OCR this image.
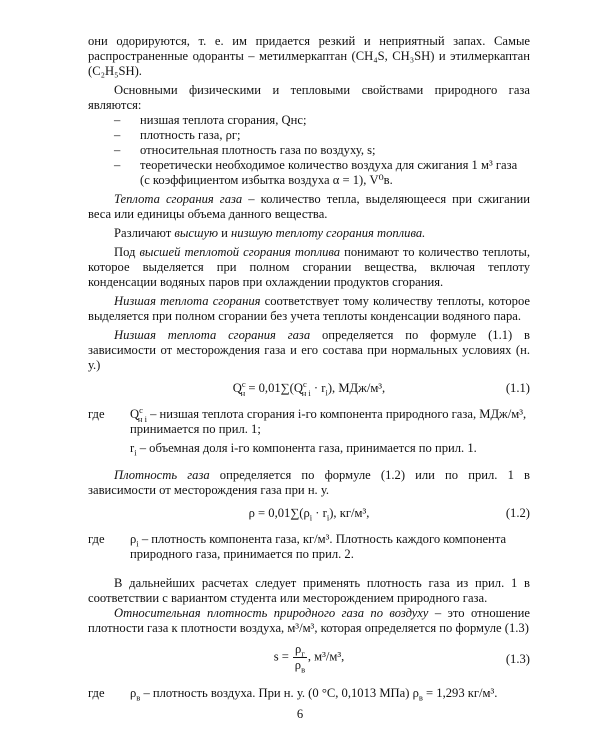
они одорируются, т. е. им придается резкий и неприятный запах. Самые распространенные одоранты – метилмеркаптан (CH₄S, CH₃SH) и этилмеркаптан (C₂H₅SH).

Основными физическими и тепловыми свойствами природного газа являются:

– низшая теплота сгорания, Qнс;
– плотность газа, ρг;
– относительная плотность газа по воздуху, s;
– теоретически необходимое количество воздуха для сжигания 1 м³ газа (с коэффициентом избытка воздуха α = 1), V⁰в.

Теплота сгорания газа – количество тепла, выделяющееся при сжигании веса или единицы объема данного вещества.

Различают высшую и низшую теплоту сгорания топлива.

Под высшей теплотой сгорания топлива понимают то количество теплоты, которое выделяется при полном сгорании вещества, включая теплоту конденсации водяных паров при охлаждении продуктов сгорания.

Низшая теплота сгорания соответствует тому количеству теплоты, которое выделяется при полном сгорании без учета теплоты конденсации водяного пара.

Низшая теплота сгорания газа определяется по формуле (1.1) в зависимости от месторождения газа и его состава при нормальных условиях (н. у.)

$Q^с_н = 0,01\sum(Q^с_{н i} \cdot r_i)$, МДж/м³,	(1.1)
где $Q^с_{н i}$ – низшая теплота сгорания i-го компонента природного газа, МДж/м³, принимается по прил. 1;
$r_i$ – объемная доля i-го компонента газа, принимается по прил. 1.

Плотность газа определяется по формуле (1.2) или по прил. 1 в зависимости от месторождения газа при н. у.

$\rho = 0,01\sum(\rho_i \cdot r_i)$, кг/м³,	(1.2)
где $\rho_i$ – плотность компонента газа, кг/м³. Плотность каждого компонента природного газа, принимается по прил. 2.

В дальнейших расчетах следует применять плотность газа из прил. 1 в соответствии с вариантом студента или месторождением природного газа.

Относительная плотность природного газа по воздуху – это отношение плотности газа к плотности воздуха, м³/м³, которая определяется по формуле (1.3)

$s = \frac{\rho_г}{\rho_в}$ , м³/м³,	(1.3)
где $\rho_в$ – плотность воздуха. При н. у. (0 °C, 0,1013 МПа) $\rho_в = 1,293$ кг/м³.
6
